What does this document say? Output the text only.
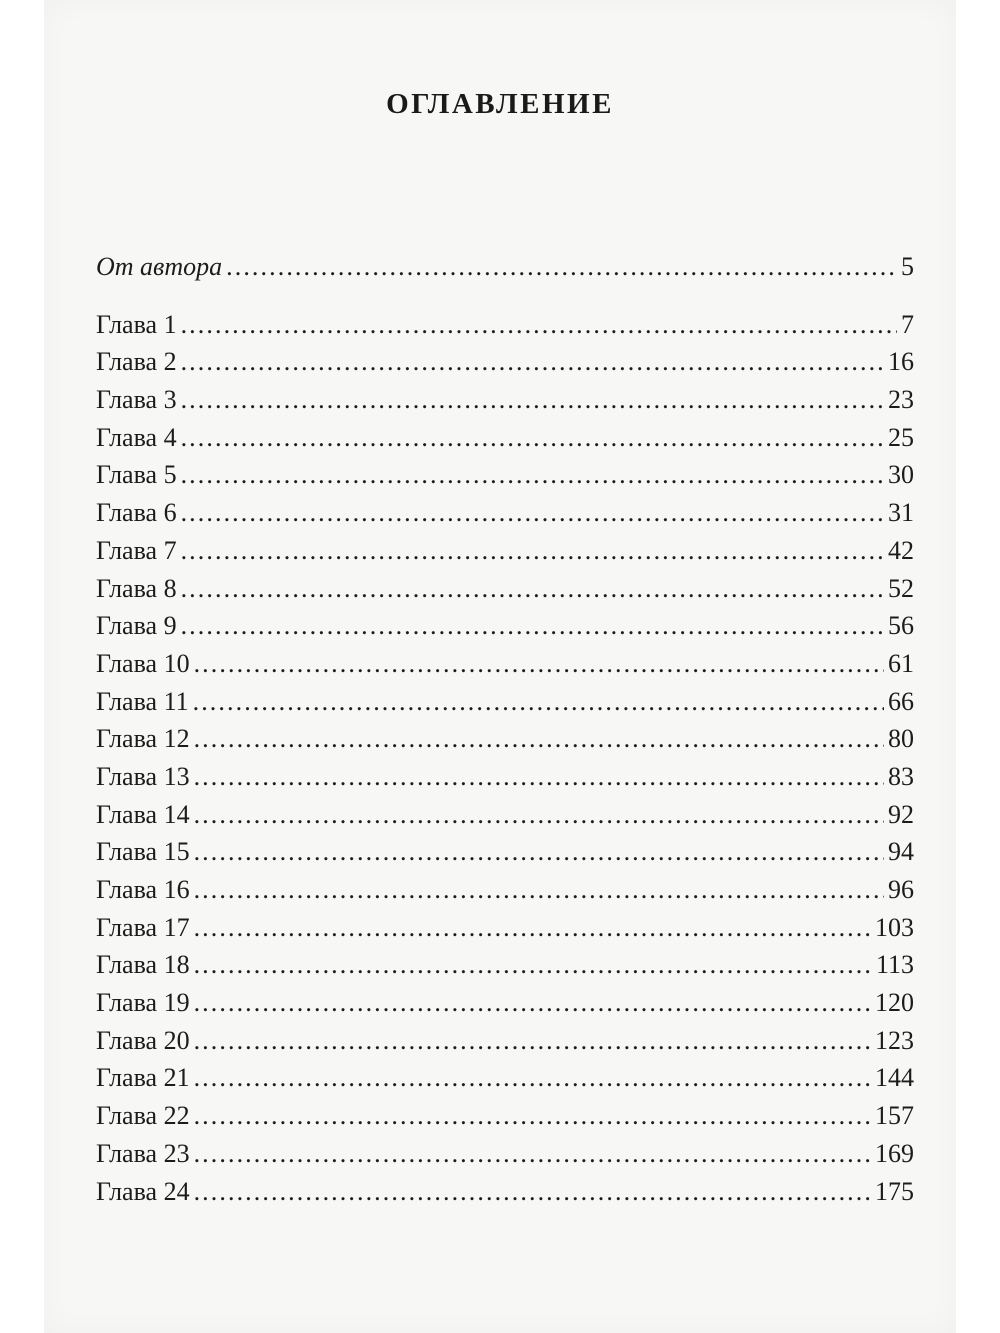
ОГЛАВЛЕНИЕ
От автора . . .	5
Глава 1 . . .	7
Глава 2 . . .	16
Глава 3 . . .	23
Глава 4 . . .	25
Глава 5 . . .	30
Глава 6 . . .	31
Глава 7 . . .	42
Глава 8 . . .	52
Глава 9 . . .	56
Глава 10 . . .	61
Глава 11 . . .	66
Глава 12 . . .	80
Глава 13 . . .	83
Глава 14 . . .	92
Глава 15 . . .	94
Глава 16 . . .	96
Глава 17 . . .	103
Глава 18 . . .	113
Глава 19 . . .	120
Глава 20 . . .	123
Глава 21 . . .	144
Глава 22 . . .	157
Глава 23 . . .	169
Глава 24 . . .	175
